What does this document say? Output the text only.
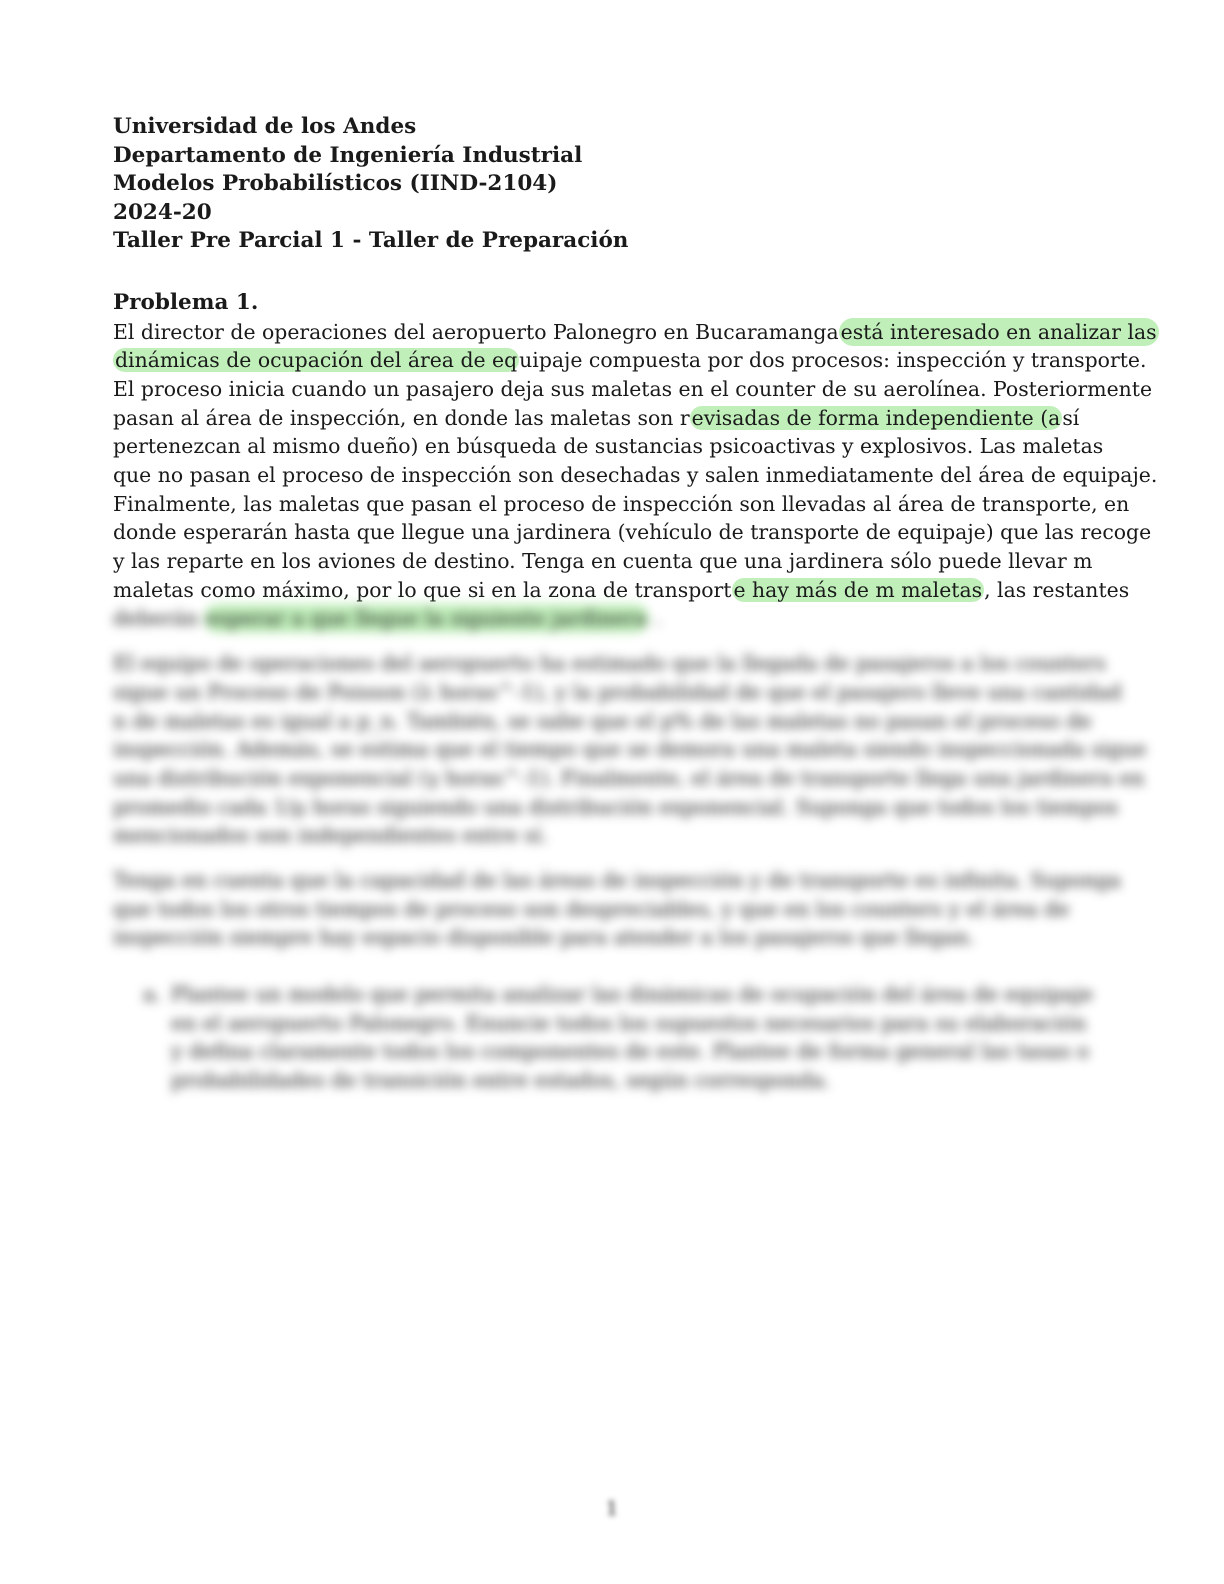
Universidad de los Andes
Departamento de Ingeniería Industrial
Modelos Probabilísticos (IIND-2104)
2024-20
Taller Pre Parcial 1 - Taller de Preparación
Problema 1.
El director de operaciones del aeropuerto Palonegro en Bucaramanga está interesado en analizar las
dinámicas de ocupación del área de equipaje compuesta por dos procesos: inspección y transporte.
El proceso inicia cuando un pasajero deja sus maletas en el counter de su aerolínea. Posteriormente
pasan al área de inspección, en donde las maletas son revisadas de forma independiente (así
pertenezcan al mismo dueño) en búsqueda de sustancias psicoactivas y explosivos. Las maletas
que no pasan el proceso de inspección son desechadas y salen inmediatamente del área de equipaje.
Finalmente, las maletas que pasan el proceso de inspección son llevadas al área de transporte, en
donde esperarán hasta que llegue una jardinera (vehículo de transporte de equipaje) que las recoge
y las reparte en los aviones de destino. Tenga en cuenta que una jardinera sólo puede llevar m
maletas como máximo, por lo que si en la zona de transporte hay más de m maletas, las restantes
deberán esperar a que llegue la siguiente jardinera .
El equipo de operaciones del aeropuerto ha estimado que la llegada de pasajeros a los counters
sigue un Proceso de Poisson (λ horas^-1), y la probabilidad de que el pasajero lleve una cantidad
n de maletas es igual a p_n. También, se sabe que el p% de las maletas no pasan el proceso de
inspección. Además, se estima que el tiempo que se demora una maleta siendo inspeccionada sigue
una distribución exponencial (γ horas^-1). Finalmente, el área de transporte llega una jardinera en
promedio cada 1/μ horas siguiendo una distribución exponencial. Suponga que todos los tiempos
mencionados son independientes entre sí.
Tenga en cuenta que la capacidad de las áreas de inspección y de transporte es infinita. Suponga
que todos los otros tiempos de proceso son despreciables, y que en los counters y el área de
inspección siempre hay espacio disponible para atender a los pasajeros que llegan.
a. Plantee un modelo que permita analizar las dinámicas de ocupación del área de equipaje
en el aeropuerto Palonegro. Enuncie todos los supuestos necesarios para su elaboración
y defina claramente todos los componentes de este. Plantee de forma general las tasas o
probabilidades de transición entre estados, según corresponda.
1
